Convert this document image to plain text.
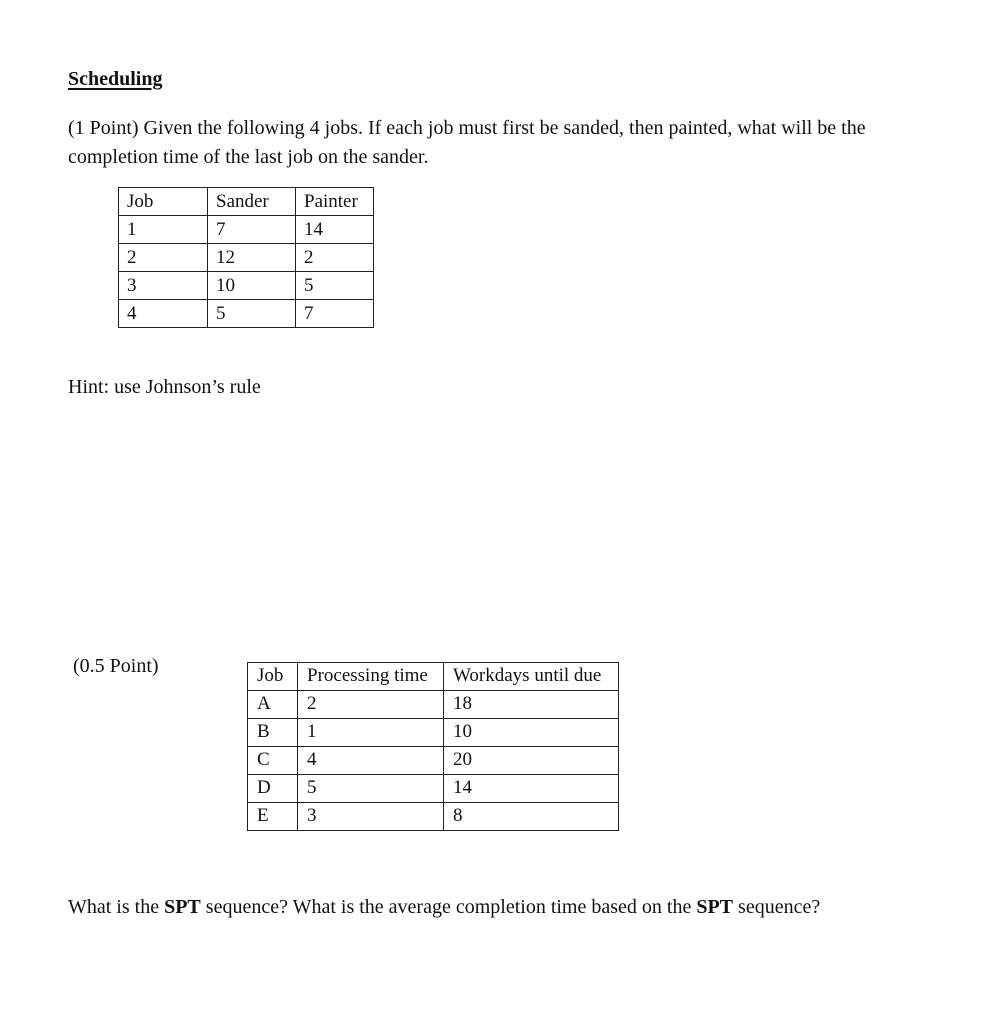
Scheduling
(1 Point) Given the following 4 jobs. If each job must first be sanded, then painted, what will be the completion time of the last job on the sander.
Job	Sander	Painter
1	7	14
2	12	2
3	10	5
4	5	7
Hint: use Johnson’s rule
(0.5 Point)	Job	Processing time	Workdays until due
A	2	18
B	1	10
C	4	20
D	5	14
E	3	8
What is the SPT sequence? What is the average completion time based on the SPT sequence?
